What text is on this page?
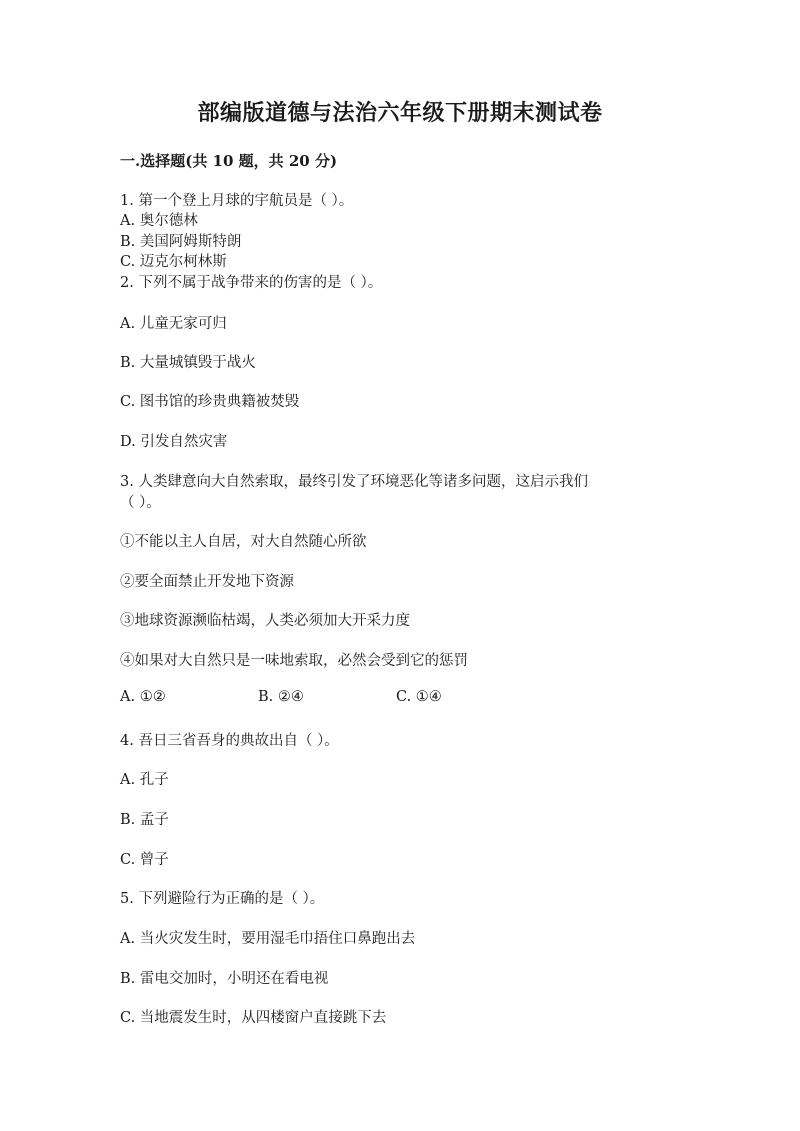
部编版道德与法治六年级下册期末测试卷
一.选择题(共 10 题，共 20 分)
1. 第一个登上月球的宇航员是（ ）。
A. 奥尔德林
B. 美国阿姆斯特朗
C. 迈克尔柯林斯
2. 下列不属于战争带来的伤害的是（ ）。
A. 儿童无家可归
B. 大量城镇毁于战火
C. 图书馆的珍贵典籍被焚毁
D. 引发自然灾害
3. 人类肆意向大自然索取，最终引发了环境恶化等诸多问题，这启示我们
（ ）。
①不能以主人自居，对大自然随心所欲
②要全面禁止开发地下资源
③地球资源濒临枯竭，人类必须加大开采力度
④如果对大自然只是一味地索取，必然会受到它的惩罚
A. ①②	B. ②④	C. ①④
4. 吾日三省吾身的典故出自（ ）。
A. 孔子
B. 孟子
C. 曾子
5. 下列避险行为正确的是（ ）。
A. 当火灾发生时，要用湿毛巾捂住口鼻跑出去
B. 雷电交加时，小明还在看电视
C. 当地震发生时，从四楼窗户直接跳下去
